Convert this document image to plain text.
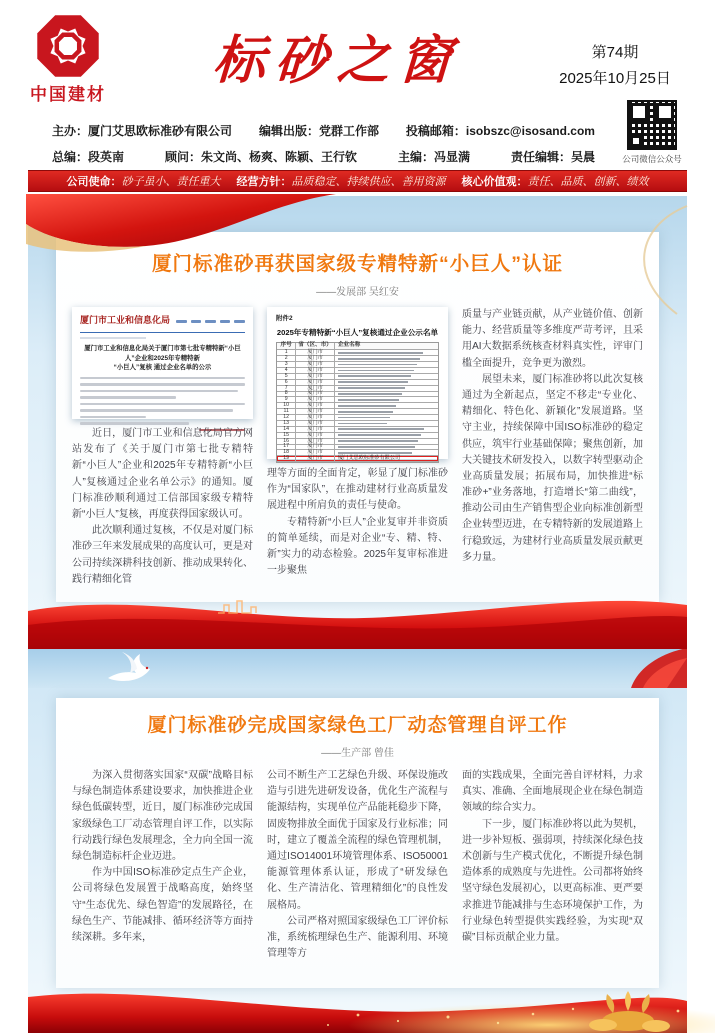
中国建材
标砂之窗	第74期
2025年10月25日
公司微信公众号
主办：厦门艾思欧标准砂有限公司 编辑出版：党群工作部 投稿邮箱：isobszc@isosand.com
总编：段英南	顾问：朱文尚、杨爽、陈颖、王行钦	主编：冯显满	责任编辑：吴晨
公司使命：砂子虽小、责任重大 经营方针：品质稳定、持续供应、善用资源 核心价值观：责任、品质、创新、绩效
厦门标准砂再获国家级专精特新“小巨人”认证
——发展部 吴红安
厦门市工业和信息化局
厦门市工业和信息化局关于厦门市第七批专精特新“小巨人”企业和2025年专精特新
“小巨人”复核 通过企业名单的公示

近日，厦门市工业和信息化局官方网站发布了《关于厦门市第七批专精特新“小巨人”企业和2025年专精特新“小巨人”复核通过企业名单公示》的通知。厦门标准砂顺利通过工信部国家级专精特新“小巨人”复核，再度获得国家级认可。

此次顺利通过复核，不仅是对厦门标准砂三年来发展成果的高度认可，更是对公司持续深耕科技创新、推动成果转化、践行精细化管

附件2
2025年专精特新“小巨人”复核通过企业公示名单
序号	省（区、市）	企业名称
1	厦门市
2	厦门市
3	厦门市
4	厦门市
5	厦门市
6	厦门市
7	厦门市
8	厦门市
9	厦门市
10	厦门市
11	厦门市
12	厦门市
13	厦门市
14	厦门市
15	厦门市
16	厦门市
17	厦门市
18	厦门市
19	厦门市	厦门艾思欧标准砂有限公司

理等方面的全面肯定，彰显了厦门标准砂作为“国家队”，在推动建材行业高质量发展进程中所肩负的责任与使命。

专精特新“小巨人”企业复审并非资质的简单延续，而是对企业“专、精、特、新”实力的动态检验。2025年复审标准进一步聚焦

质量与产业链贡献，从产业链价值、创新能力、经营质量等多维度严苛考评，且采用AI大数据系统核查材料真实性，评审门槛全面提升，竞争更为激烈。

展望未来，厦门标准砂将以此次复核通过为全新起点，坚定不移走“专业化、精细化、特色化、新颖化”发展道路。坚守主业，持续保障中国ISO标准砂的稳定供应，筑牢行业基础保障；聚焦创新，加大关键技术研发投入，以数字转型驱动企业高质量发展；拓展布局，加快推进“标准砂+”业务落地，打造增长“第二曲线”，推动公司由生产销售型企业向标准创新型企业转型迈进，在专精特新的发展道路上行稳致远，为建材行业高质量发展贡献更多力量。

厦门标准砂完成国家绿色工厂动态管理自评工作
——生产部 曾佳

为深入贯彻落实国家“双碳”战略目标与绿色制造体系建设要求，加快推进企业绿色低碳转型，近日，厦门标准砂完成国家级绿色工厂动态管理自评工作，以实际行动践行绿色发展理念，全力向全国一流绿色制造标杆企业迈进。

作为中国ISO标准砂定点生产企业，公司将绿色发展置于战略高度，始终坚守“生态优先、绿色智造”的发展路径，在绿色生产、节能减排、循环经济等方面持续深耕。多年来，

公司不断生产工艺绿色升级、环保设施改造与引进先进研发设备，优化生产流程与能源结构，实现单位产品能耗稳步下降，固废物排放全面优于国家及行业标准；同时，建立了覆盖全流程的绿色管理机制，通过ISO14001环境管理体系、ISO50001能源管理体系认证，形成了“研发绿色化、生产清洁化、管理精细化”的良性发展格局。

公司严格对照国家级绿色工厂评价标准，系统梳理绿色生产、能源利用、环境管理等方

面的实践成果，全面完善自评材料，力求真实、准确、全面地展现企业在绿色制造领域的综合实力。

下一步，厦门标准砂将以此为契机，进一步补短板、强弱项，持续深化绿色技术创新与生产模式优化，不断提升绿色制造体系的成熟度与先进性。公司都将始终坚守绿色发展初心，以更高标准、更严要求推进节能减排与生态环境保护工作，为行业绿色转型提供实践经验，为实现“双碳”目标贡献企业力量。
